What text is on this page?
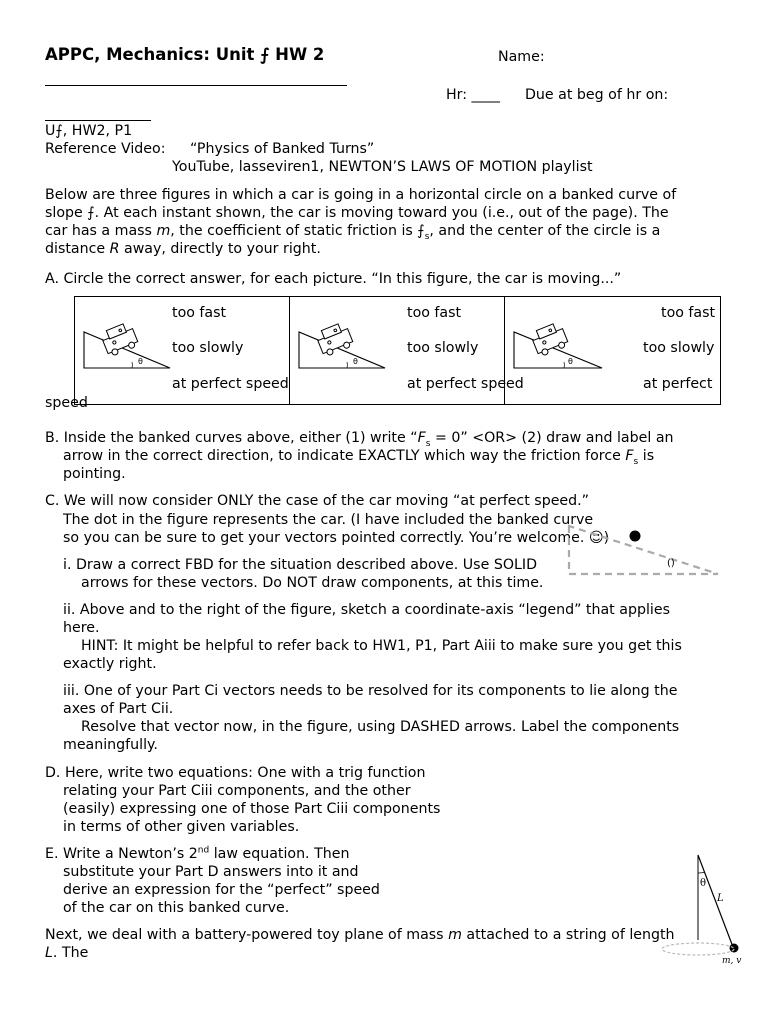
APPC, Mechanics: Unit ⨍ HW 2	Name:
Hr: ____ Due at beg of hr on:
U⨍, HW2, P1
Reference Video: “Physics of Banked Turns”
YouTube, lasseviren1, NEWTON’S LAWS OF MOTION playlist
Below are three figures in which a car is going in a horizontal circle on a banked curve of
slope ⨍. At each instant shown, the car is moving toward you (i.e., out of the page). The
car has a mass m, the coefficient of static friction is $⨍_s$, and the center of the circle is a
distance R away, directly to your right.
A. Circle the correct answer, for each picture. “In this figure, the car is moving...”
θ
too fast
too slowly
at perfect speed
speed
θ
too fast
too slowly
at perfect speed
θ
too fast
too slowly
at perfect
B. Inside the banked curves above, either (1) write “$F_s = 0$” <OR> (2) draw and label an
arrow in the correct direction, to indicate EXACTLY which way the friction force $F_s$ is
pointing.
C. We will now consider ONLY the case of the car moving “at perfect speed.”
The dot in the figure represents the car. (I have included the banked curve
so you can be sure to get your vectors pointed correctly. You’re welcome. ☺)
()
i. Draw a correct FBD for the situation described above. Use SOLID
arrows for these vectors. Do NOT draw components, at this time.
ii. Above and to the right of the figure, sketch a coordinate-axis “legend” that applies
here.
HINT: It might be helpful to refer back to HW1, P1, Part Aiii to make sure you get this
exactly right.
iii. One of your Part Ci vectors needs to be resolved for its components to lie along the
axes of Part Cii.
Resolve that vector now, in the figure, using DASHED arrows. Label the components
meaningfully.
D. Here, write two equations: One with a trig function
relating your Part Ciii components, and the other
(easily) expressing one of those Part Ciii components
in terms of other given variables.
E. Write a Newton’s 2nd law equation. Then
substitute your Part D answers into it and
derive an expression for the “perfect” speed
of the car on this banked curve.
Next, we deal with a battery-powered toy plane of mass m attached to a string of length
L. The
θ
L
m, v
